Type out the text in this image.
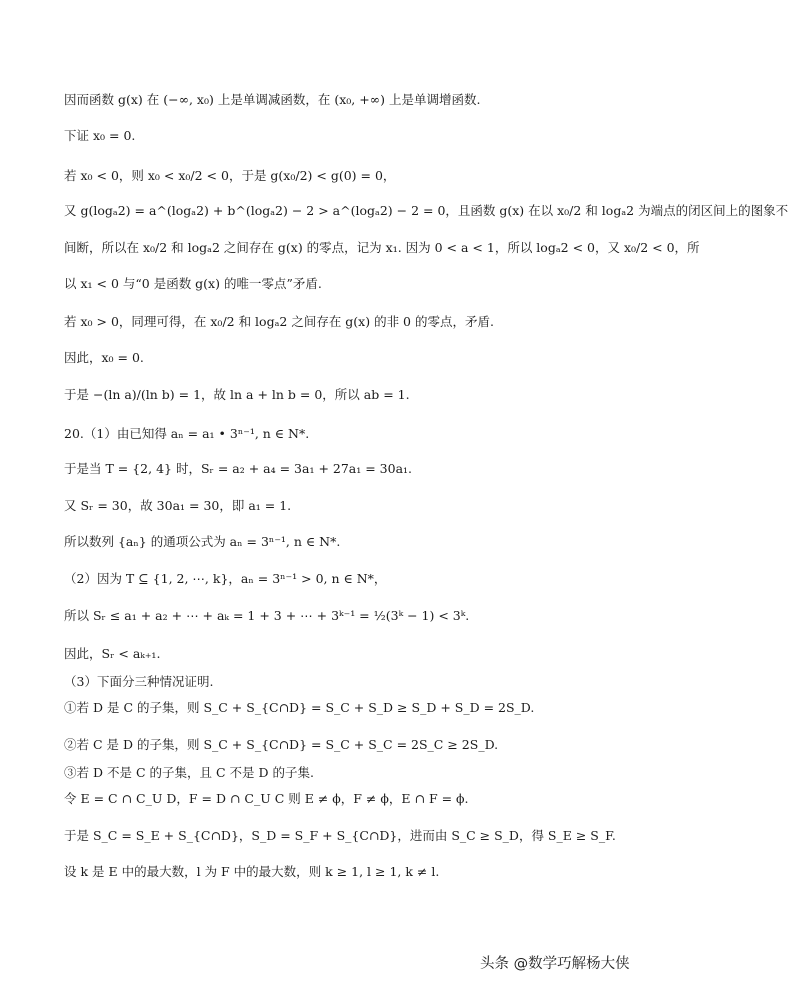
因而函数 g(x) 在 (−∞, x₀) 上是单调减函数，在 (x₀, +∞) 上是单调增函数.
下证 x₀ = 0.
若 x₀ < 0，则 x₀ < x₀/2 < 0，于是 g(x₀/2) < g(0) = 0，
又 g(logₐ2) = a^(logₐ2) + b^(logₐ2) − 2 > a^(logₐ2) − 2 = 0，且函数 g(x) 在以 x₀/2 和 logₐ2 为端点的闭区间上的图象不
间断，所以在 x₀/2 和 logₐ2 之间存在 g(x) 的零点，记为 x₁. 因为 0 < a < 1，所以 logₐ2 < 0，又 x₀/2 < 0，所
以 x₁ < 0 与“0 是函数 g(x) 的唯一零点”矛盾.
若 x₀ > 0，同理可得，在 x₀/2 和 logₐ2 之间存在 g(x) 的非 0 的零点，矛盾.
因此，x₀ = 0.
于是 −(ln a)/(ln b) = 1，故 ln a + ln b = 0，所以 ab = 1.
20.（1）由已知得 aₙ = a₁ • 3ⁿ⁻¹, n ∈ N*.
于是当 T = {2, 4} 时，Sᵣ = a₂ + a₄ = 3a₁ + 27a₁ = 30a₁.
又 Sᵣ = 30，故 30a₁ = 30，即 a₁ = 1.
所以数列 {aₙ} 的通项公式为 aₙ = 3ⁿ⁻¹, n ∈ N*.
（2）因为 T ⊆ {1, 2, ⋯, k}，aₙ = 3ⁿ⁻¹ > 0, n ∈ N*，
所以 Sᵣ ≤ a₁ + a₂ + ⋯ + aₖ = 1 + 3 + ⋯ + 3ᵏ⁻¹ = ½(3ᵏ − 1) < 3ᵏ.
因此，Sᵣ < aₖ₊₁.
（3）下面分三种情况证明.
①若 D 是 C 的子集，则 S_C + S_{C∩D} = S_C + S_D ≥ S_D + S_D = 2S_D.
②若 C 是 D 的子集，则 S_C + S_{C∩D} = S_C + S_C = 2S_C ≥ 2S_D.
③若 D 不是 C 的子集，且 C 不是 D 的子集.
令 E = C ∩ C_U D，F = D ∩ C_U C 则 E ≠ ϕ，F ≠ ϕ，E ∩ F = ϕ.
于是 S_C = S_E + S_{C∩D}，S_D = S_F + S_{C∩D}，进而由 S_C ≥ S_D，得 S_E ≥ S_F.
设 k 是 E 中的最大数，l 为 F 中的最大数，则 k ≥ 1, l ≥ 1, k ≠ l.
头条 @数学巧解杨大侠
